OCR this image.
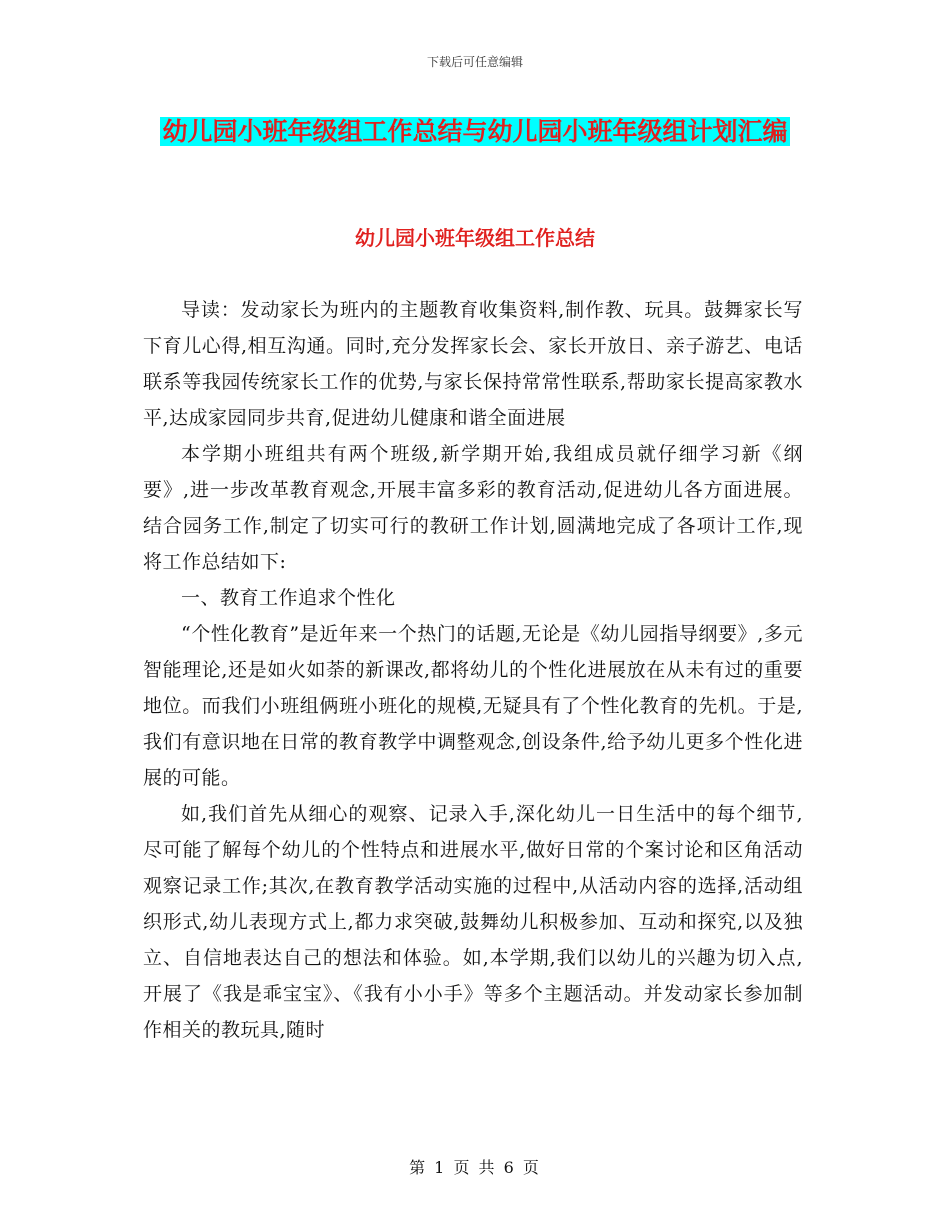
下载后可任意编辑
幼儿园小班年级组工作总结与幼儿园小班年级组计划汇编
幼儿园小班年级组工作总结

导读：发动家长为班内的主题教育收集资料,制作教、玩具。鼓舞家长写下育儿心得,相互沟通。同时,充分发挥家长会、家长开放日、亲子游艺、电话联系等我园传统家长工作的优势,与家长保持常常性联系,帮助家长提高家教水平,达成家园同步共育,促进幼儿健康和谐全面进展

本学期小班组共有两个班级,新学期开始,我组成员就仔细学习新《纲要》,进一步改革教育观念,开展丰富多彩的教育活动,促进幼儿各方面进展。结合园务工作,制定了切实可行的教研工作计划,圆满地完成了各项计工作,现将工作总结如下:

一、教育工作追求个性化

“个性化教育”是近年来一个热门的话题,无论是《幼儿园指导纲要》,多元智能理论,还是如火如荼的新课改,都将幼儿的个性化进展放在从未有过的重要地位。而我们小班组俩班小班化的规模,无疑具有了个性化教育的先机。于是,我们有意识地在日常的教育教学中调整观念,创设条件,给予幼儿更多个性化进展的可能。

如,我们首先从细心的观察、记录入手,深化幼儿一日生活中的每个细节,尽可能了解每个幼儿的个性特点和进展水平,做好日常的个案讨论和区角活动观察记录工作;其次,在教育教学活动实施的过程中,从活动内容的选择,活动组织形式,幼儿表现方式上,都力求突破,鼓舞幼儿积极参加、互动和探究,以及独立、自信地表达自己的想法和体验。如,本学期,我们以幼儿的兴趣为切入点,开展了《我是乖宝宝》、《我有小小手》等多个主题活动。并发动家长参加制作相关的教玩具,随时

第 1 页 共 6 页
